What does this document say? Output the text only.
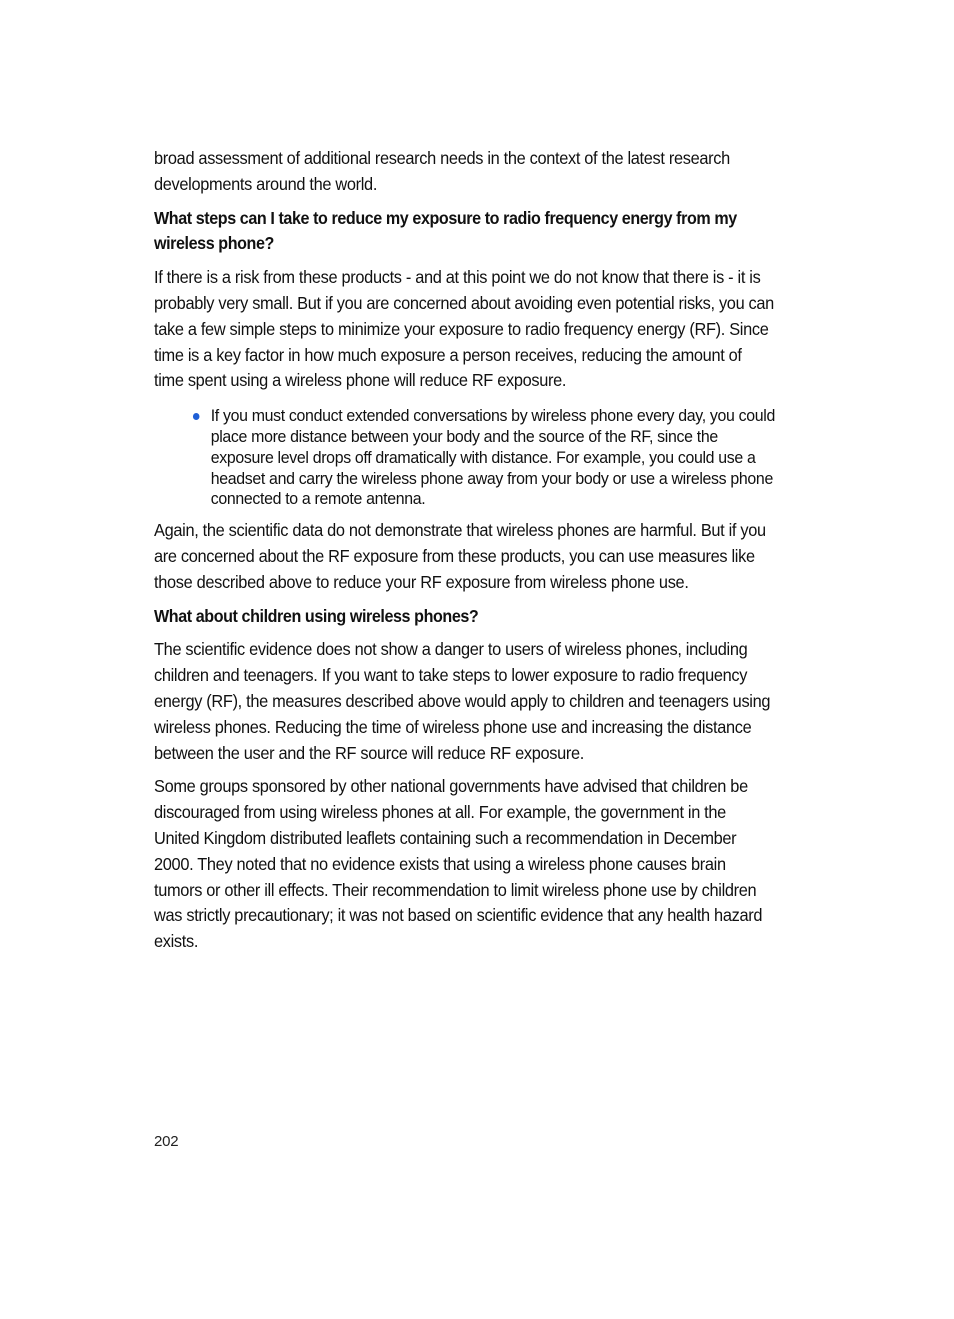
broad assessment of additional research needs in the context of the latest research developments around the world.

What steps can I take to reduce my exposure to radio frequency energy from my wireless phone?

If there is a risk from these products - and at this point we do not know that there is - it is probably very small. But if you are concerned about avoiding even potential risks, you can take a few simple steps to minimize your exposure to radio frequency energy (RF). Since time is a key factor in how much exposure a person receives, reducing the amount of time spent using a wireless phone will reduce RF exposure.

If you must conduct extended conversations by wireless phone every day, you could place more distance between your body and the source of the RF, since the exposure level drops off dramatically with distance. For example, you could use a headset and carry the wireless phone away from your body or use a wireless phone connected to a remote antenna.

Again, the scientific data do not demonstrate that wireless phones are harmful. But if you are concerned about the RF exposure from these products, you can use measures like those described above to reduce your RF exposure from wireless phone use.

What about children using wireless phones?

The scientific evidence does not show a danger to users of wireless phones, including children and teenagers. If you want to take steps to lower exposure to radio frequency energy (RF), the measures described above would apply to children and teenagers using wireless phones. Reducing the time of wireless phone use and increasing the distance between the user and the RF source will reduce RF exposure.

Some groups sponsored by other national governments have advised that children be discouraged from using wireless phones at all. For example, the government in the United Kingdom distributed leaflets containing such a recommendation in December 2000. They noted that no evidence exists that using a wireless phone causes brain tumors or other ill effects. Their recommendation to limit wireless phone use by children was strictly precautionary; it was not based on scientific evidence that any health hazard exists.

202
